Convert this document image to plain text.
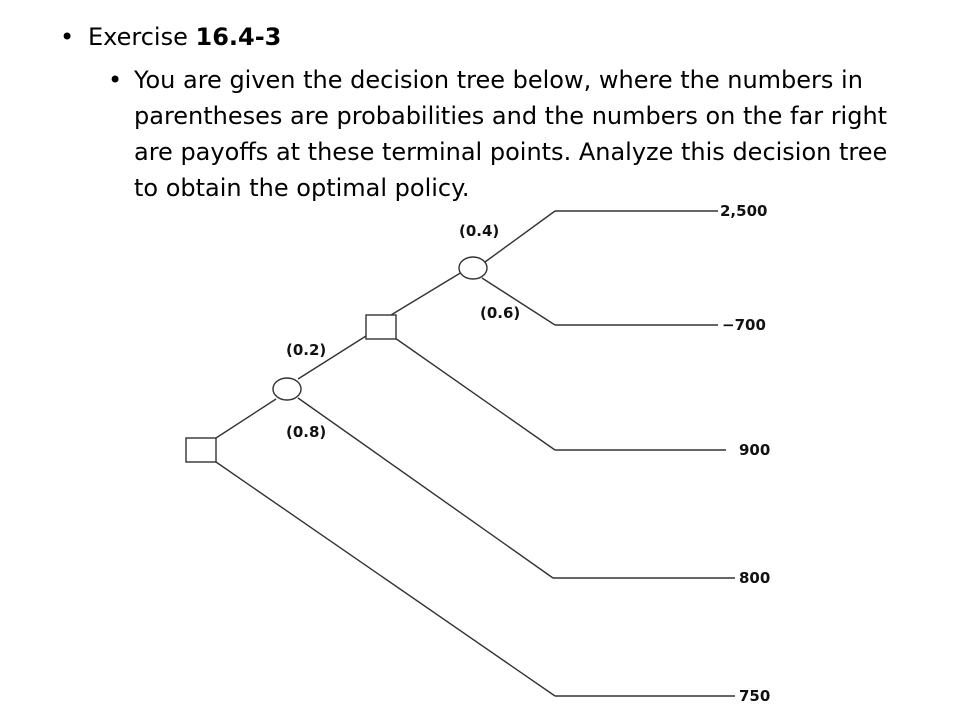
• Exercise 16.4-3
• You are given the decision tree below, where the numbers in parentheses are probabilities and the numbers on the far right are payoffs at these terminal points. Analyze this decision tree to obtain the optimal policy.
(0.4)
(0.6)
(0.2)
(0.8)
2,500
−700
900
800
750
